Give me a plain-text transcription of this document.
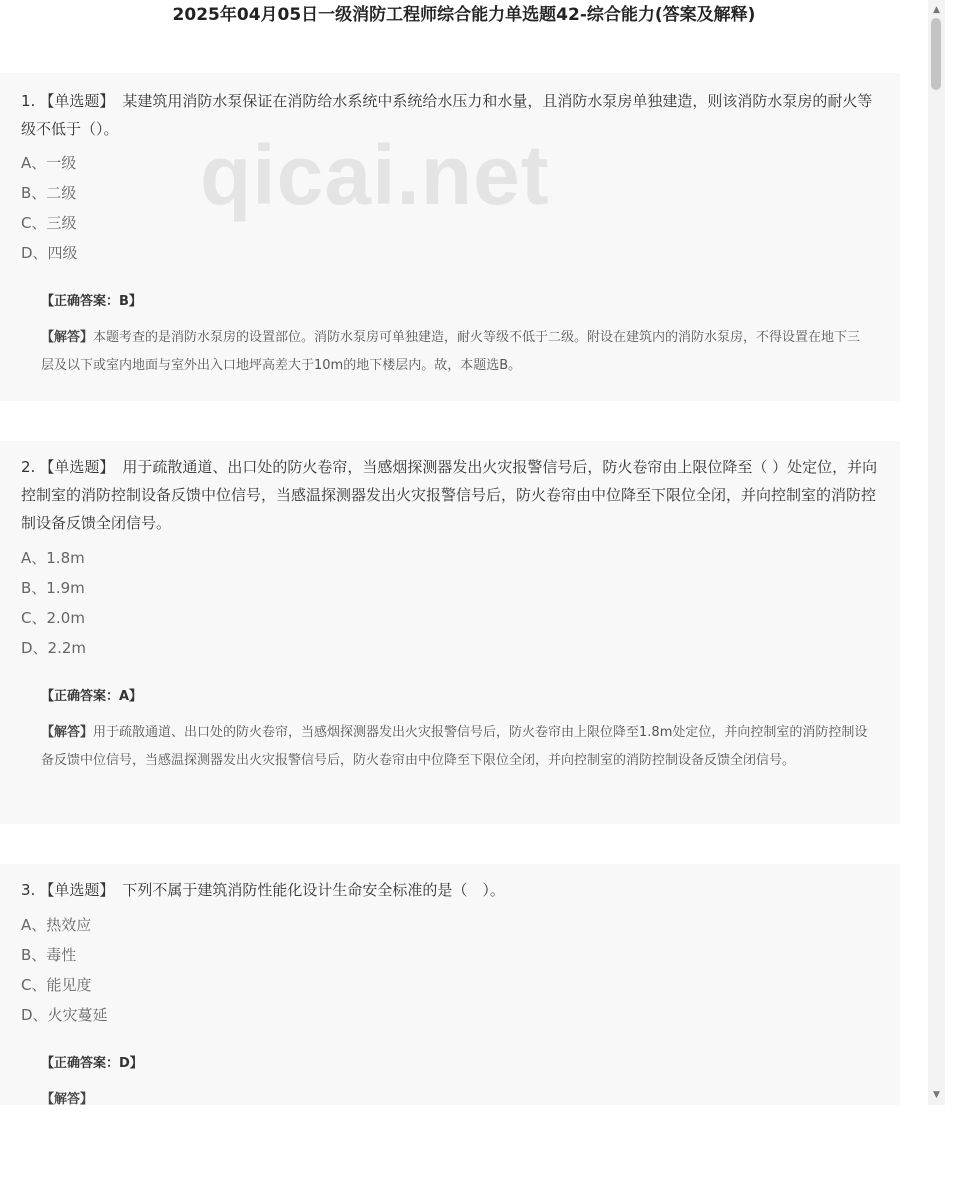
2025年04月05日一级消防工程师综合能力单选题42-综合能力(答案及解释)
1. 【单选题】 某建筑用消防水泵保证在消防给水系统中系统给水压力和水量，且消防水泵房单独建造，则该消防水泵房的耐火等级不低于（）。
A、一级
B、二级
C、三级
D、四级
【正确答案：B】
【解答】本题考查的是消防水泵房的设置部位。消防水泵房可单独建造，耐火等级不低于二级。附设在建筑内的消防水泵房，不得设置在地下三层及以下或室内地面与室外出入口地坪高差大于10m的地下楼层内。故，本题选B。
2. 【单选题】 用于疏散通道、出口处的防火卷帘，当感烟探测器发出火灾报警信号后，防火卷帘由上限位降至（ ）处定位，并向控制室的消防控制设备反馈中位信号，当感温探测器发出火灾报警信号后，防火卷帘由中位降至下限位全闭，并向控制室的消防控制设备反馈全闭信号。
A、1.8m
B、1.9m
C、2.0m
D、2.2m
【正确答案：A】
【解答】用于疏散通道、出口处的防火卷帘，当感烟探测器发出火灾报警信号后，防火卷帘由上限位降至1.8m处定位，并向控制室的消防控制设备反馈中位信号，当感温探测器发出火灾报警信号后，防火卷帘由中位降至下限位全闭，并向控制室的消防控制设备反馈全闭信号。
3. 【单选题】 下列不属于建筑消防性能化设计生命安全标准的是（　）。
A、热效应
B、毒性
C、能见度
D、火灾蔓延
【正确答案：D】
【解答】
qicai.net
▲
▼
